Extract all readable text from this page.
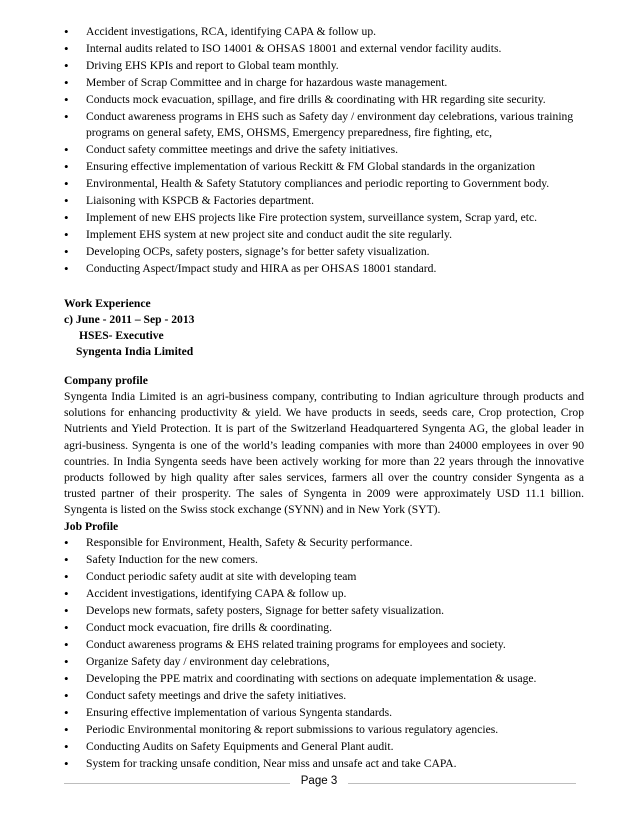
• Accident investigations, RCA, identifying CAPA & follow up.
• Internal audits related to ISO 14001 & OHSAS 18001 and external vendor facility audits.
• Driving EHS KPIs and report to Global team monthly.
• Member of Scrap Committee and in charge for hazardous waste management.
• Conducts mock evacuation, spillage, and fire drills & coordinating with HR regarding site security.
• Conduct awareness programs in EHS such as Safety day / environment day celebrations, various training programs on general safety, EMS, OHSMS, Emergency preparedness, fire fighting, etc,
• Conduct safety committee meetings and drive the safety initiatives.
• Ensuring effective implementation of various Reckitt & FM Global standards in the organization
• Environmental, Health & Safety Statutory compliances and periodic reporting to Government body.
• Liaisoning with KSPCB & Factories department.
• Implement of new EHS projects like Fire protection system, surveillance system, Scrap yard, etc.
• Implement EHS system at new project site and conduct audit the site regularly.
• Developing OCPs, safety posters, signage’s for better safety visualization.
• Conducting Aspect/Impact study and HIRA as per OHSAS 18001 standard.
Work Experience
c) June - 2011 – Sep - 2013
HSES- Executive
Syngenta India Limited
Company profile
Syngenta India Limited is an agri-business company, contributing to Indian agriculture through products and solutions for enhancing productivity & yield. We have products in seeds, seeds care, Crop protection, Crop Nutrients and Yield Protection. It is part of the Switzerland Headquartered Syngenta AG, the global leader in agri-business. Syngenta is one of the world’s leading companies with more than 24000 employees in over 90 countries. In India Syngenta seeds have been actively working for more than 22 years through the innovative products followed by high quality after sales services, farmers all over the country consider Syngenta as a trusted partner of their prosperity. The sales of Syngenta in 2009 were approximately USD 11.1 billion. Syngenta is listed on the Swiss stock exchange (SYNN) and in New York (SYT).
Job Profile
• Responsible for Environment, Health, Safety & Security performance.
• Safety Induction for the new comers.
• Conduct periodic safety audit at site with developing team
• Accident investigations, identifying CAPA & follow up.
• Develops new formats, safety posters, Signage for better safety visualization.
• Conduct mock evacuation, fire drills & coordinating.
• Conduct awareness programs & EHS related training programs for employees and society.
• Organize Safety day / environment day celebrations,
• Developing the PPE matrix and coordinating with sections on adequate implementation & usage.
• Conduct safety meetings and drive the safety initiatives.
• Ensuring effective implementation of various Syngenta standards.
• Periodic Environmental monitoring & report submissions to various regulatory agencies.
• Conducting Audits on Safety Equipments and General Plant audit.
• System for tracking unsafe condition, Near miss and unsafe act and take CAPA.
Page 3
